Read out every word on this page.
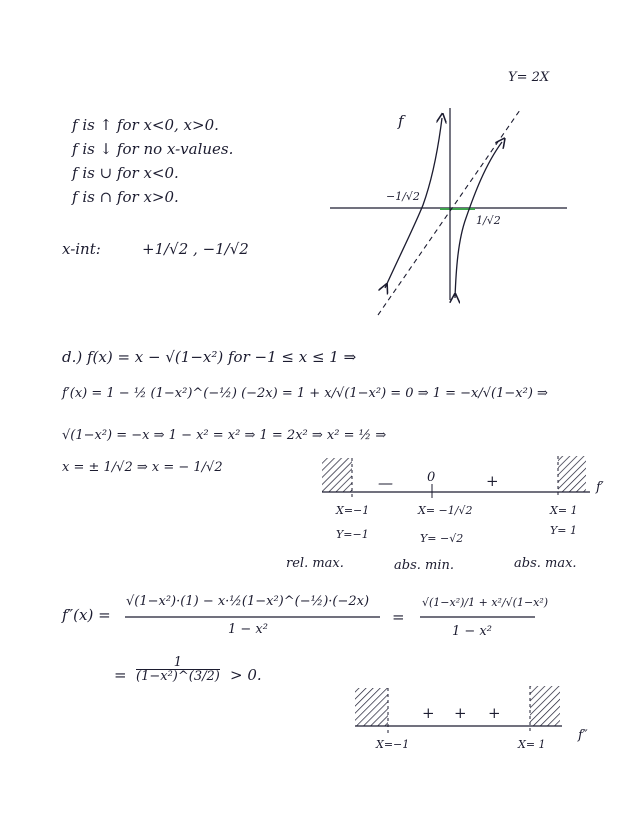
f is ↑ for x<0, x>0.
f is ↓ for no x-values.
f is ∪ for x<0.
f is ∩ for x>0.
x-int:	+1/√2 , −1/√2
Y= 2X
f
−1/√2
1/√2
d.) f(x) = x − √(1−x²) for −1 ≤ x ≤ 1 ⇒
f′(x) = 1 − ½ (1−x²)^(−½) (−2x) = 1 + x/√(1−x²) = 0 ⇒ 1 = −x/√(1−x²) ⇒
√(1−x²) = −x ⇒ 1 − x² = x² ⇒ 1 = 2x² ⇒ x² = ½ ⇒
x = ± 1/√2 ⇒ x = − 1/√2
—	0	+	f′
X=−1
Y=−1
X= −1/√2
Y= −√2
X= 1
Y= 1
rel. max.	abs. min.	abs. max.
f″(x) =
√(1−x²)·(1) − x·½(1−x²)^(−½)·(−2x)
1 − x²
=
√(1−x²)/1 + x²/√(1−x²)
1 − x²
= $\frac{1}{\text{(1−x²)\textasciicircum{}(3/2)}} > 0$.
+ + +
X=−1	X= 1
f″
